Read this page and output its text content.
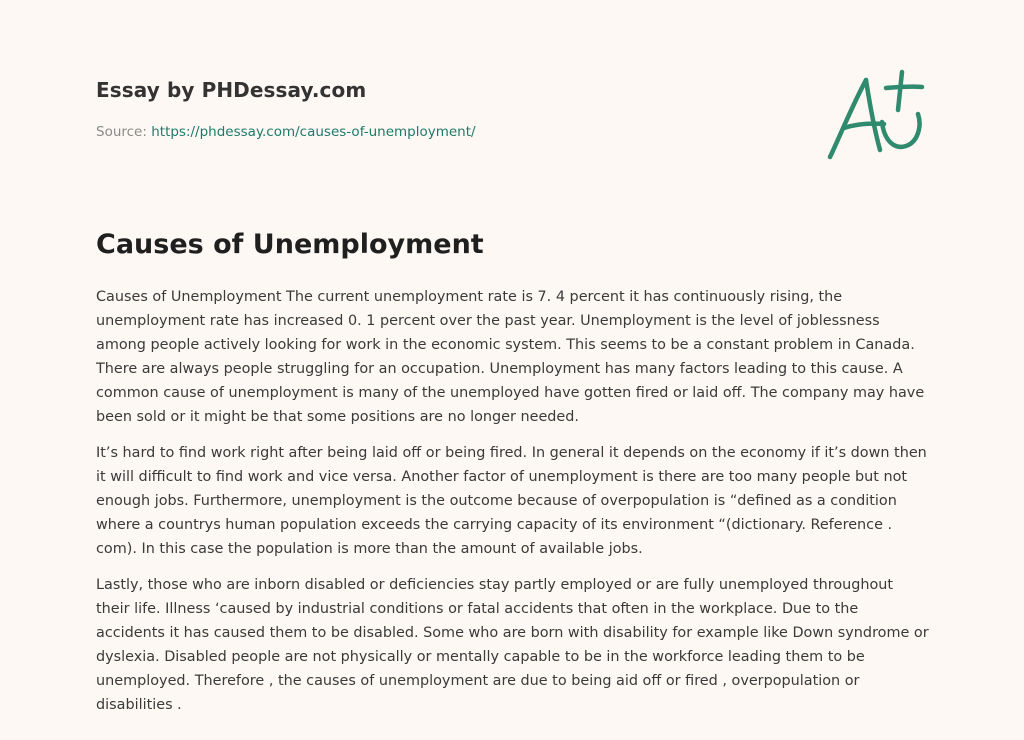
Essay by PHDessay.com
Source: https://phdessay.com/causes-of-unemployment/
Causes of Unemployment

Causes of Unemployment The current unemployment rate is 7. 4 percent it has continuously rising, the unemployment rate has increased 0. 1 percent over the past year. Unemployment is the level of joblessness among people actively looking for work in the economic system. This seems to be a constant problem in Canada. There are always people struggling for an occupation. Unemployment has many factors leading to this cause. A common cause of unemployment is many of the unemployed have gotten fired or laid off. The company may have been sold or it might be that some positions are no longer needed.

It’s hard to find work right after being laid off or being fired. In general it depends on the economy if it’s down then it will difficult to find work and vice versa. Another factor of unemployment is there are too many people but not enough jobs. Furthermore, unemployment is the outcome because of overpopulation is “defined as a condition where a countrys human population exceeds the carrying capacity of its environment “(dictionary. Reference . com). In this case the population is more than the amount of available jobs.

Lastly, those who are inborn disabled or deficiencies stay partly employed or are fully unemployed throughout their life. Illness ‘caused by industrial conditions or fatal accidents that often in the workplace. Due to the accidents it has caused them to be disabled. Some who are born with disability for example like Down syndrome or dyslexia. Disabled people are not physically or mentally capable to be in the workforce leading them to be unemployed. Therefore , the causes of unemployment are due to being aid off or fired , overpopulation or disabilities .
